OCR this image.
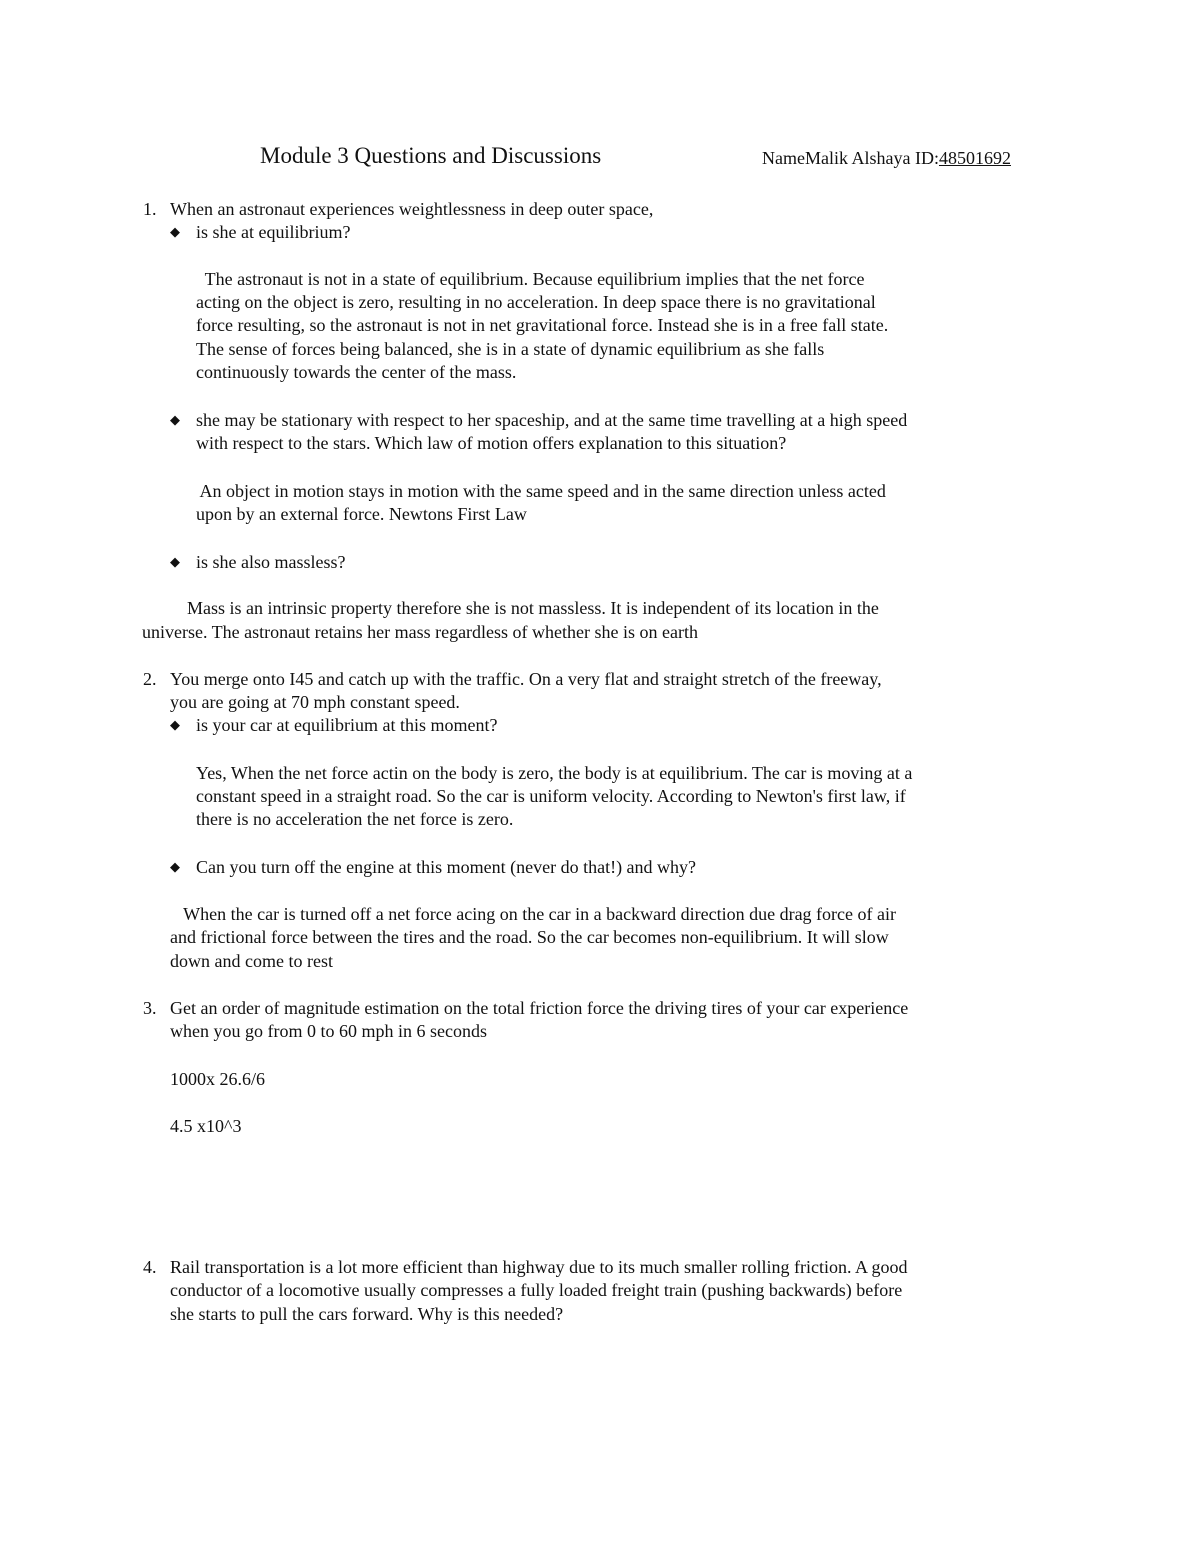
Module 3 Questions and Discussions	NameMalik Alshaya ID:48501692
1. When an astronaut experiences weightlessness in deep outer space,
◆ is she at equilibrium?
The astronaut is not in a state of equilibrium. Because equilibrium implies that the net force
acting on the object is zero, resulting in no acceleration. In deep space there is no gravitational
force resulting, so the astronaut is not in net gravitational force. Instead she is in a free fall state.
The sense of forces being balanced, she is in a state of dynamic equilibrium as she falls
continuously towards the center of the mass.
◆ she may be stationary with respect to her spaceship, and at the same time travelling at a high speed
with respect to the stars. Which law of motion offers explanation to this situation?
An object in motion stays in motion with the same speed and in the same direction unless acted
upon by an external force. Newtons First Law
◆ is she also massless?
Mass is an intrinsic property therefore she is not massless. It is independent of its location in the
universe. The astronaut retains her mass regardless of whether she is on earth
2. You merge onto I45 and catch up with the traffic. On a very flat and straight stretch of the freeway,
you are going at 70 mph constant speed.
◆ is your car at equilibrium at this moment?
Yes, When the net force actin on the body is zero, the body is at equilibrium. The car is moving at a
constant speed in a straight road. So the car is uniform velocity. According to Newton's first law, if
there is no acceleration the net force is zero.
◆ Can you turn off the engine at this moment (never do that!) and why?
When the car is turned off a net force acing on the car in a backward direction due drag force of air
and frictional force between the tires and the road. So the car becomes non-equilibrium. It will slow
down and come to rest
3. Get an order of magnitude estimation on the total friction force the driving tires of your car experience
when you go from 0 to 60 mph in 6 seconds
1000x 26.6/6
4.5 x10^3
4. Rail transportation is a lot more efficient than highway due to its much smaller rolling friction. A good
conductor of a locomotive usually compresses a fully loaded freight train (pushing backwards) before
she starts to pull the cars forward. Why is this needed?
